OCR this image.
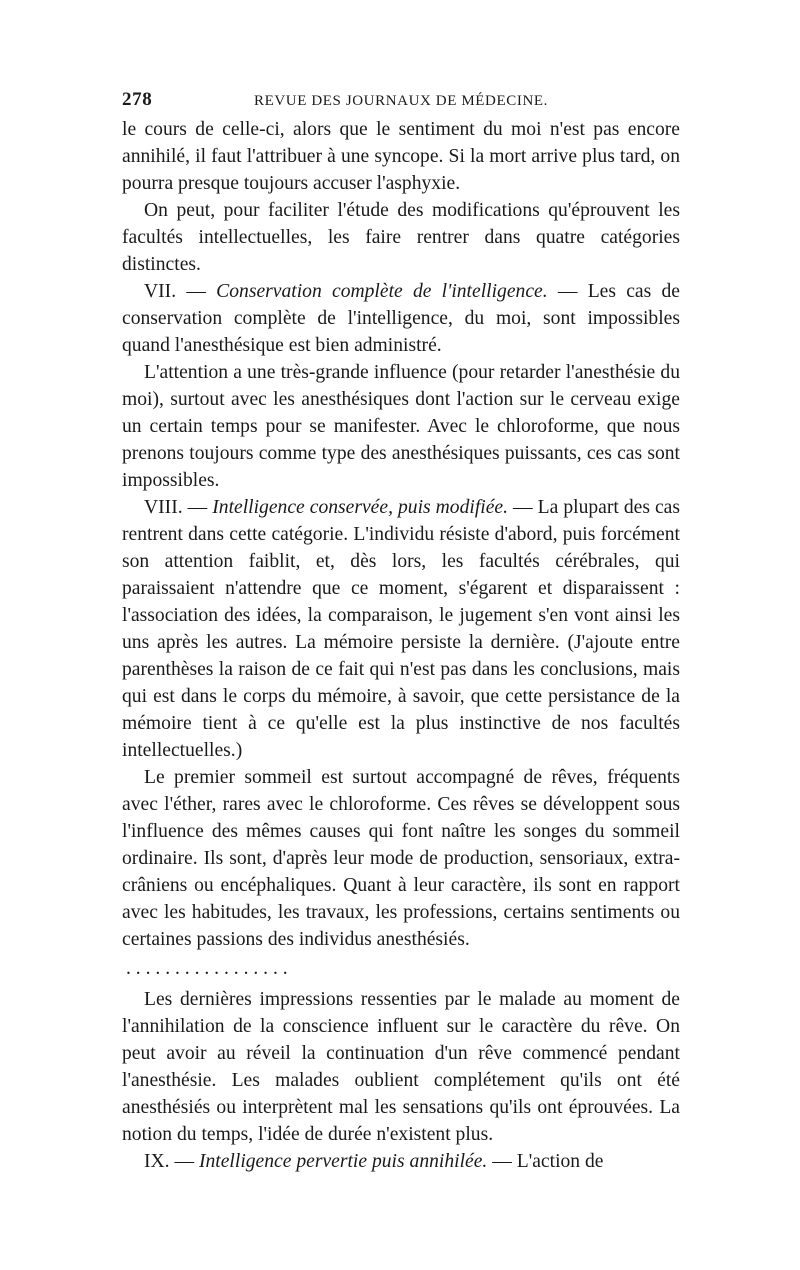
278	REVUE DES JOURNAUX DE MÉDECINE.

le cours de celle-ci, alors que le sentiment du moi n'est pas encore annihilé, il faut l'attribuer à une syncope. Si la mort arrive plus tard, on pourra presque toujours accuser l'asphyxie.

On peut, pour faciliter l'étude des modifications qu'éprouvent les facultés intellectuelles, les faire rentrer dans quatre catégories distinctes.

VII. — Conservation complète de l'intelligence. — Les cas de conservation complète de l'intelligence, du moi, sont impossibles quand l'anesthésique est bien administré.

L'attention a une très-grande influence (pour retarder l'anesthésie du moi), surtout avec les anesthésiques dont l'action sur le cerveau exige un certain temps pour se manifester. Avec le chloroforme, que nous prenons toujours comme type des anesthésiques puissants, ces cas sont impossibles.

VIII. — Intelligence conservée, puis modifiée. — La plupart des cas rentrent dans cette catégorie. L'individu résiste d'abord, puis forcément son attention faiblit, et, dès lors, les facultés cérébrales, qui paraissaient n'attendre que ce moment, s'égarent et disparaissent : l'association des idées, la comparaison, le jugement s'en vont ainsi les uns après les autres. La mémoire persiste la dernière. (J'ajoute entre parenthèses la raison de ce fait qui n'est pas dans les conclusions, mais qui est dans le corps du mémoire, à savoir, que cette persistance de la mémoire tient à ce qu'elle est la plus instinctive de nos facultés intellectuelles.)

Le premier sommeil est surtout accompagné de rêves, fréquents avec l'éther, rares avec le chloroforme. Ces rêves se développent sous l'influence des mêmes causes qui font naître les songes du sommeil ordinaire. Ils sont, d'après leur mode de production, sensoriaux, extra-crâniens ou encéphaliques. Quant à leur caractère, ils sont en rapport avec les habitudes, les travaux, les professions, certains sentiments ou certaines passions des individus anesthésiés.

. . . . . . . . . . . . . . . . .

Les dernières impressions ressenties par le malade au moment de l'annihilation de la conscience influent sur le caractère du rêve. On peut avoir au réveil la continuation d'un rêve commencé pendant l'anesthésie. Les malades oublient complétement qu'ils ont été anesthésiés ou interprètent mal les sensations qu'ils ont éprouvées. La notion du temps, l'idée de durée n'existent plus.

IX. — Intelligence pervertie puis annihilée. — L'action de
